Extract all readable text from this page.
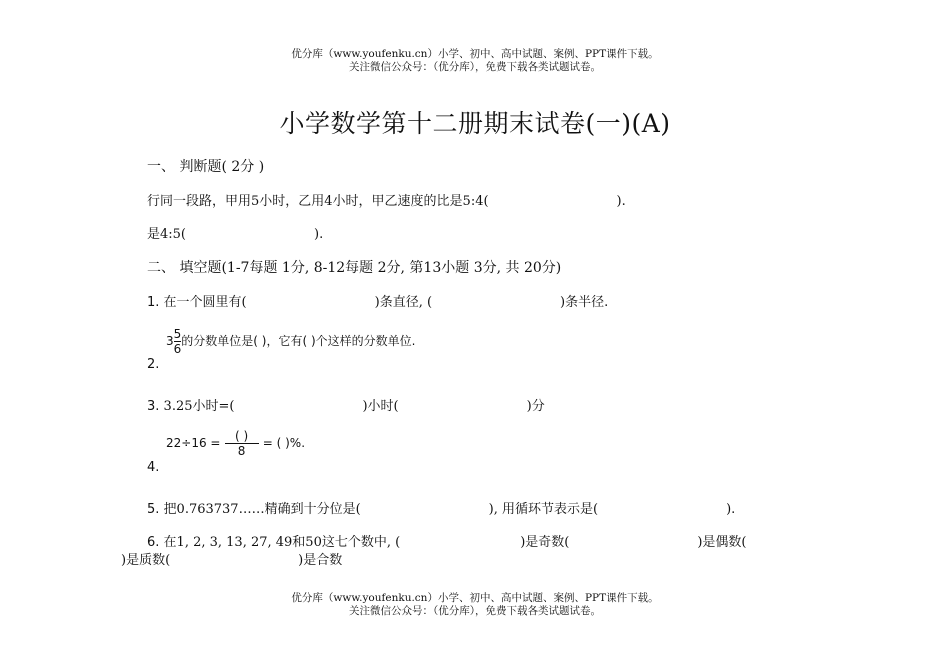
优分库（www.youfenku.cn）小学、初中、高中试题、案例、PPT课件下载。
关注微信公众号：（优分库），免费下载各类试题试卷。
小学数学第十二册期末试卷(一)(A)
一、 判断题( 2分 )
行同一段路，甲用5小时，乙用4小时，甲乙速度的比是5:4(	).
是4:5(	).
二、 填空题(1-7每题 1分, 8-12每题 2分, 第13小题 3分, 共 20分)
1. 在一个圆里有(	)条直径, (	)条半径.
$3\frac{5}{6}$的分数单位是( )，它有( )个这样的分数单位.
2.
3. 3.25小时=(	)小时(	)分
$22\div 16 = \frac{( )}{8}$ = ( )%.
4.
5. 把0.763737……精确到十分位是(	), 用循环节表示是(	).
6. 在1, 2, 3, 13, 27, 49和50这七个数中, (	)是奇数(	)是偶数(
)是质数(	)是合数
优分库（www.youfenku.cn）小学、初中、高中试题、案例、PPT课件下载。
关注微信公众号：（优分库），免费下载各类试题试卷。
